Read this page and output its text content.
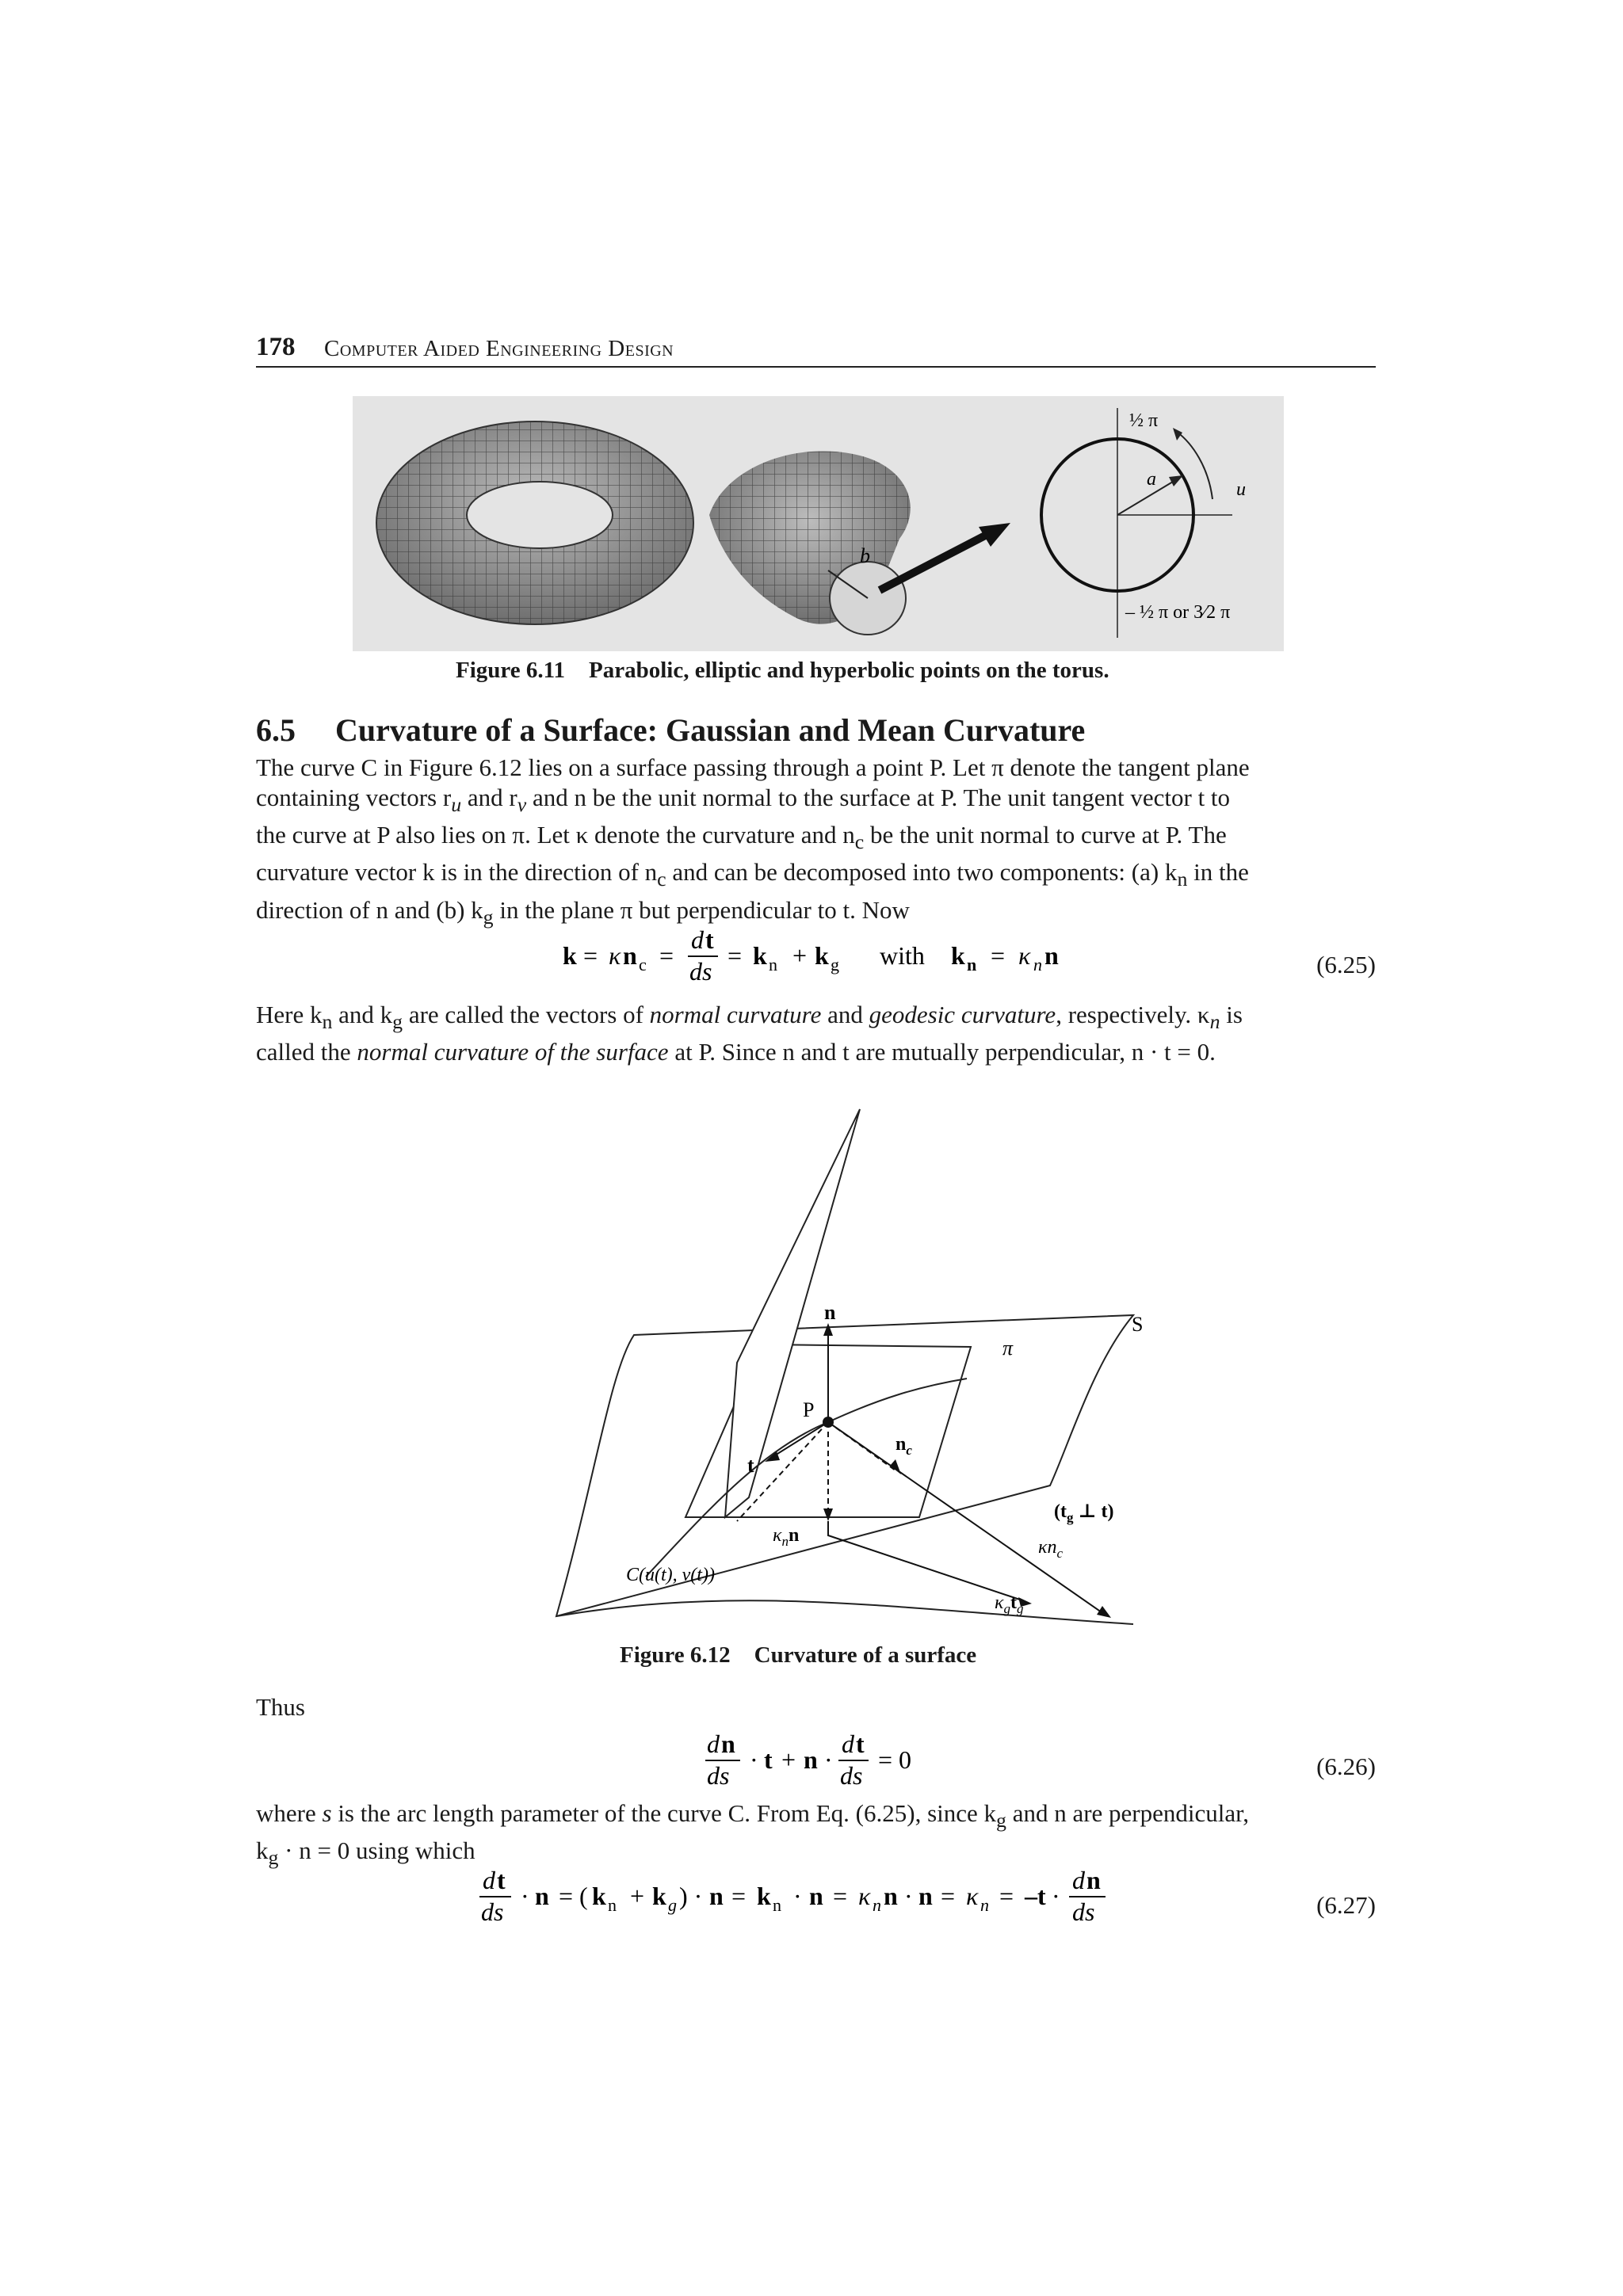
178 Computer Aided Engineering Design
b
a	u
½ π
– ½ π or 3⁄2 π
Figure 6.11 Parabolic, elliptic and hyperbolic points on the torus.
6.5 Curvature of a Surface: Gaussian and Mean Curvature
The curve C in Figure 6.12 lies on a surface passing through a point P. Let π denote the tangent plane
containing vectors $r_u$ and $r_v$ and n be the unit normal to the surface at P. The unit tangent vector t to
the curve at P also lies on π. Let κ denote the curvature and $n_c$ be the unit normal to curve at P. The
curvature vector k is in the direction of $n_c$ and can be decomposed into two components: (a) $k_n$ in the
direction of n and (b) $k_g$ in the plane π but perpendicular to t. Now
k = κ n c =
d t
ds
= k n + k g with k n = κ n n	(6.25)
Here $k_n$ and $k_g$ are called the vectors of normal curvature and geodesic curvature, respectively. $\kappa_n$ is
called the normal curvature of the surface at P. Since n and t are mutually perpendicular, n · t = 0.
n
S
π
P
t
$n_c$
($t_g$ ⊥ t)
$\kappa n_c$
$\kappa_nn$
C(u(t), v(t))
$\kappa_gt_g$
Figure 6.12 Curvature of a surface
Thus
d n
ds
· t + n ·
d t
ds
= 0	(6.26)
where s is the arc length parameter of the curve C. From Eq. (6.25), since $k_g$ and n are perpendicular,
$k_g \cdot n = 0$ using which
d t
ds
· n = ( k n + k g ) · n = k n · n = κ n n · n = κ n = –t ·
d n
ds	(6.27)
